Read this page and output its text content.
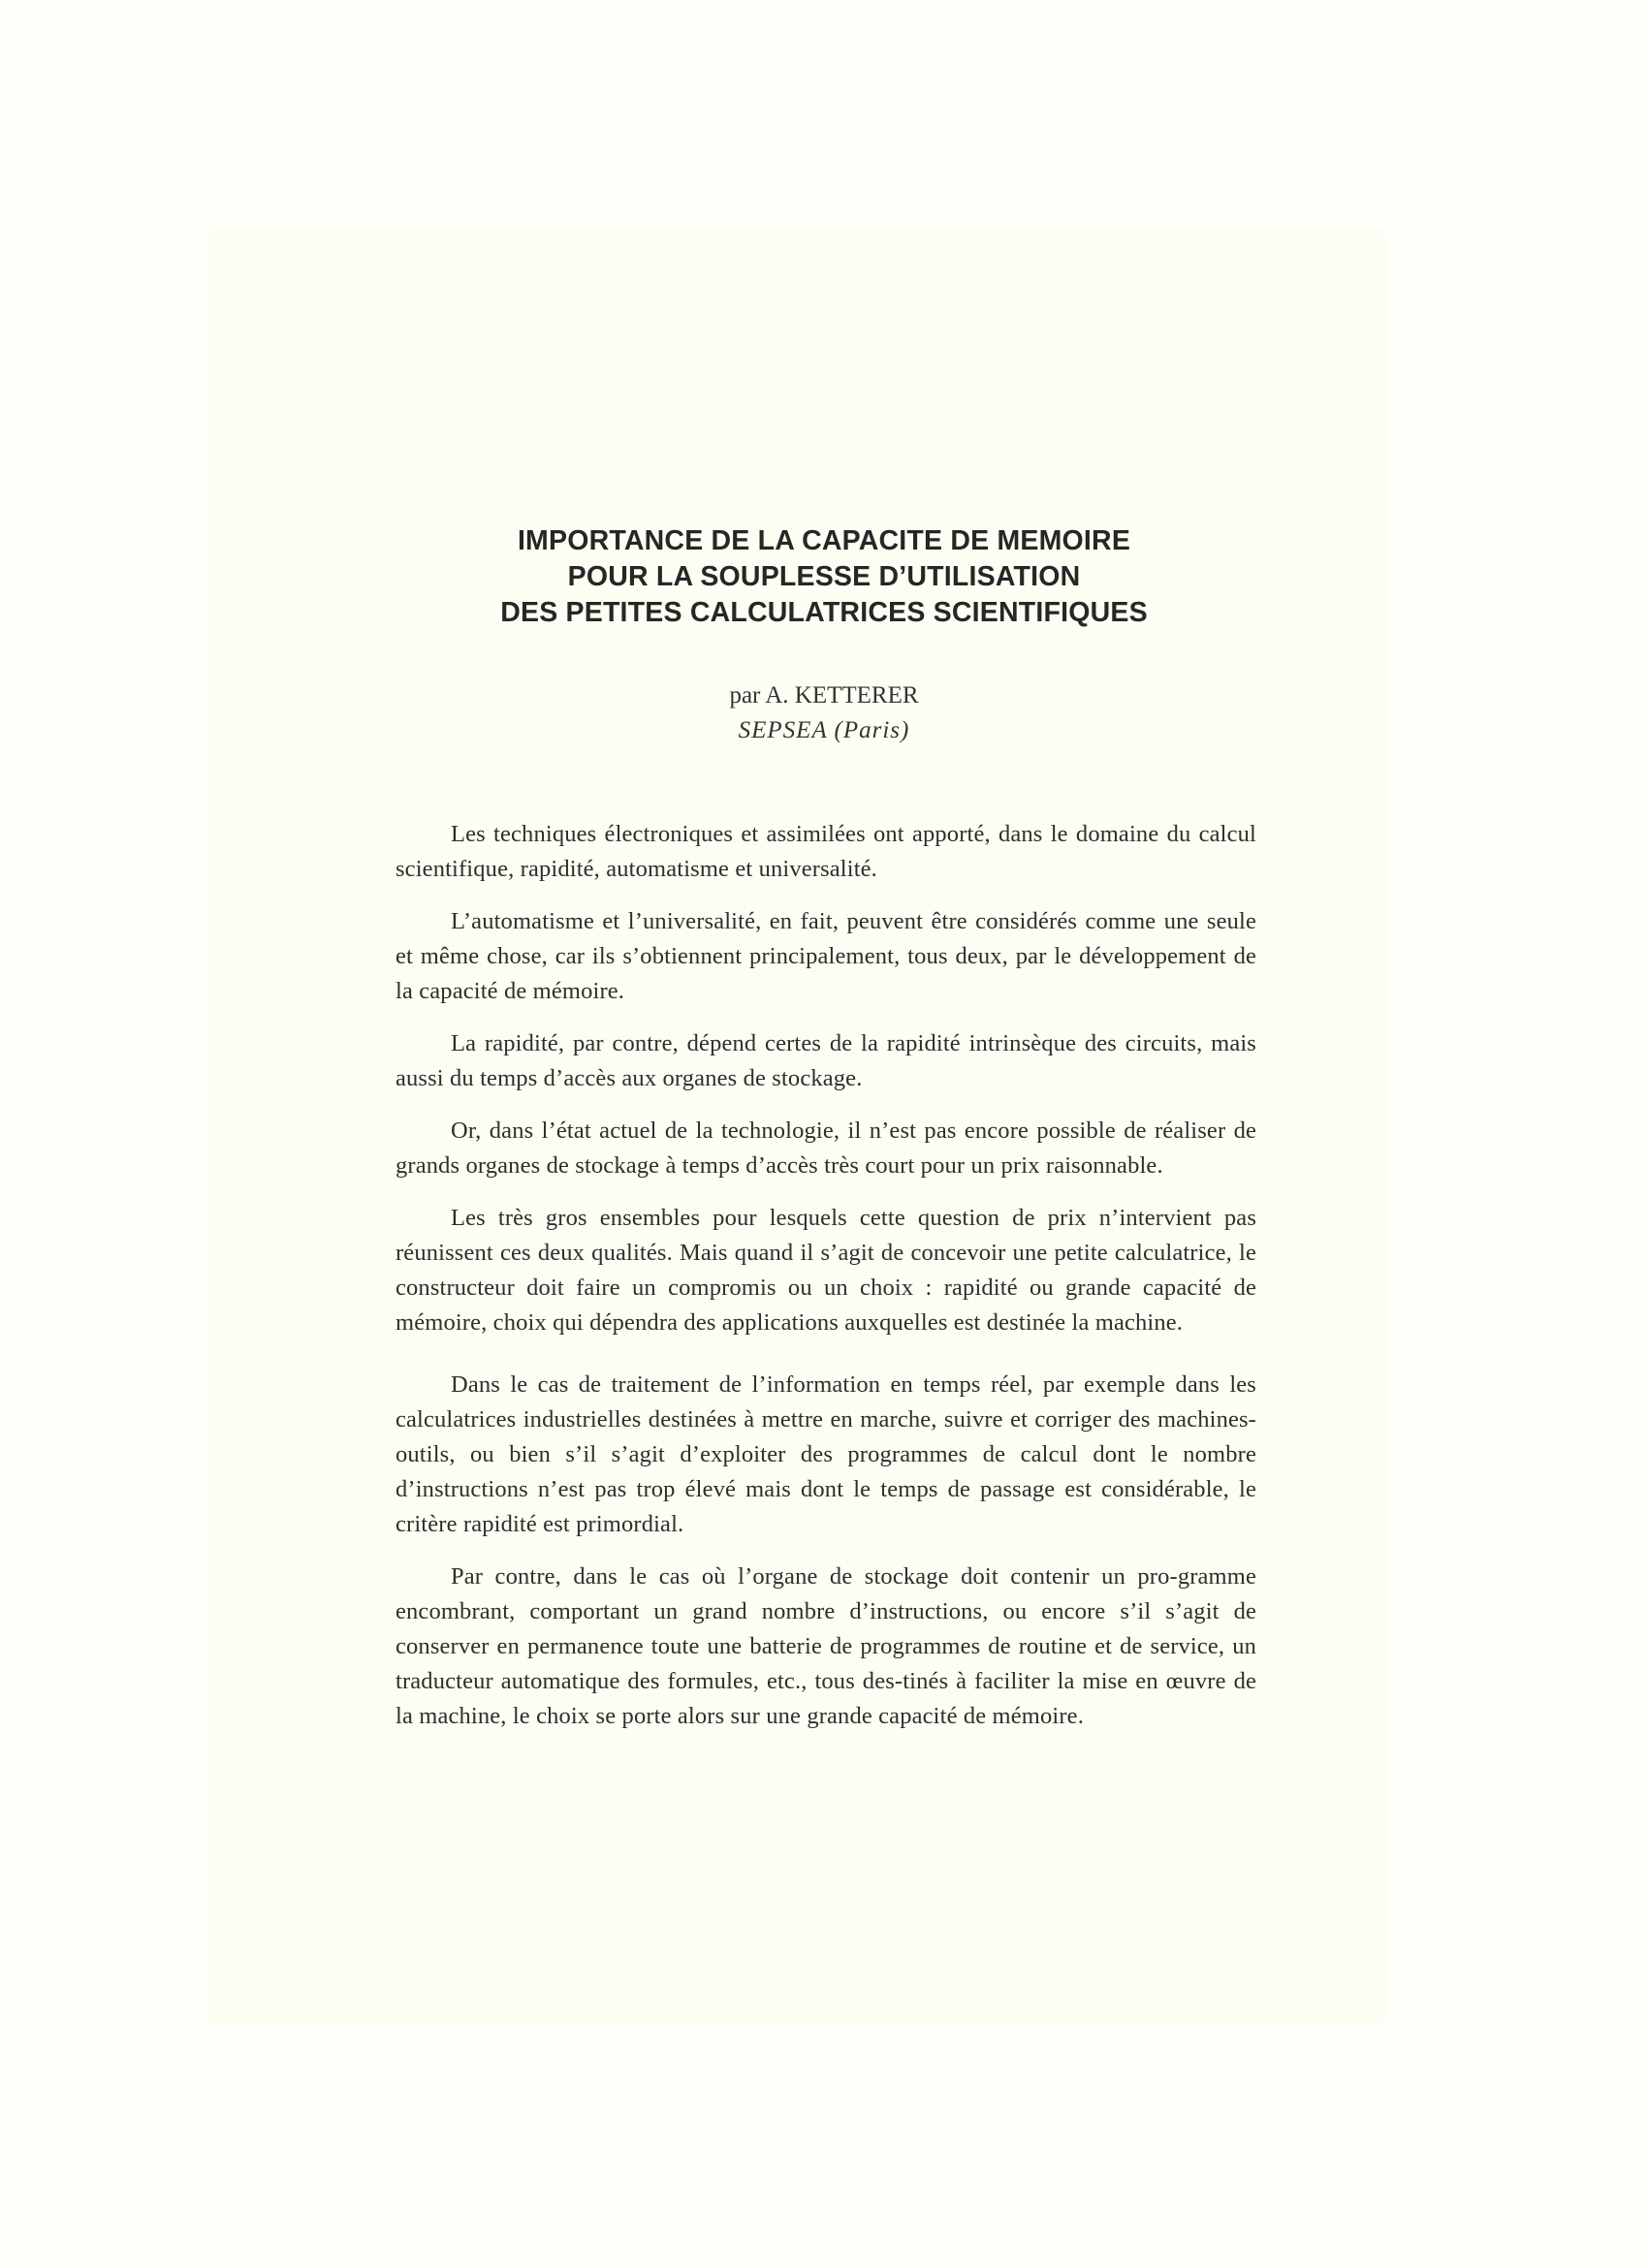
IMPORTANCE DE LA CAPACITE DE MEMOIRE
POUR LA SOUPLESSE D’UTILISATION
DES PETITES CALCULATRICES SCIENTIFIQUES
par A. KETTERER
SEPSEA (Paris)

Les techniques électroniques et assimilées ont apporté, dans le domaine du calcul scientifique, rapidité, automatisme et universalité.

L’automatisme et l’universalité, en fait, peuvent être considérés comme une seule et même chose, car ils s’obtiennent principalement, tous deux, par le développement de la capacité de mémoire.

La rapidité, par contre, dépend certes de la rapidité intrinsèque des circuits, mais aussi du temps d’accès aux organes de stockage.

Or, dans l’état actuel de la technologie, il n’est pas encore possible de réaliser de grands organes de stockage à temps d’accès très court pour un prix raisonnable.

Les très gros ensembles pour lesquels cette question de prix n’intervient pas réunissent ces deux qualités. Mais quand il s’agit de concevoir une petite calculatrice, le constructeur doit faire un compromis ou un choix : rapidité ou grande capacité de mémoire, choix qui dépendra des applications auxquelles est destinée la machine.

Dans le cas de traitement de l’information en temps réel, par exemple dans les calculatrices industrielles destinées à mettre en marche, suivre et corriger des machines-outils, ou bien s’il s’agit d’exploiter des programmes de calcul dont le nombre d’instructions n’est pas trop élevé mais dont le temps de passage est considérable, le critère rapidité est primordial.

Par contre, dans le cas où l’organe de stockage doit contenir un pro-gramme encombrant, comportant un grand nombre d’instructions, ou encore s’il s’agit de conserver en permanence toute une batterie de programmes de routine et de service, un traducteur automatique des formules, etc., tous des-tinés à faciliter la mise en œuvre de la machine, le choix se porte alors sur une grande capacité de mémoire.
